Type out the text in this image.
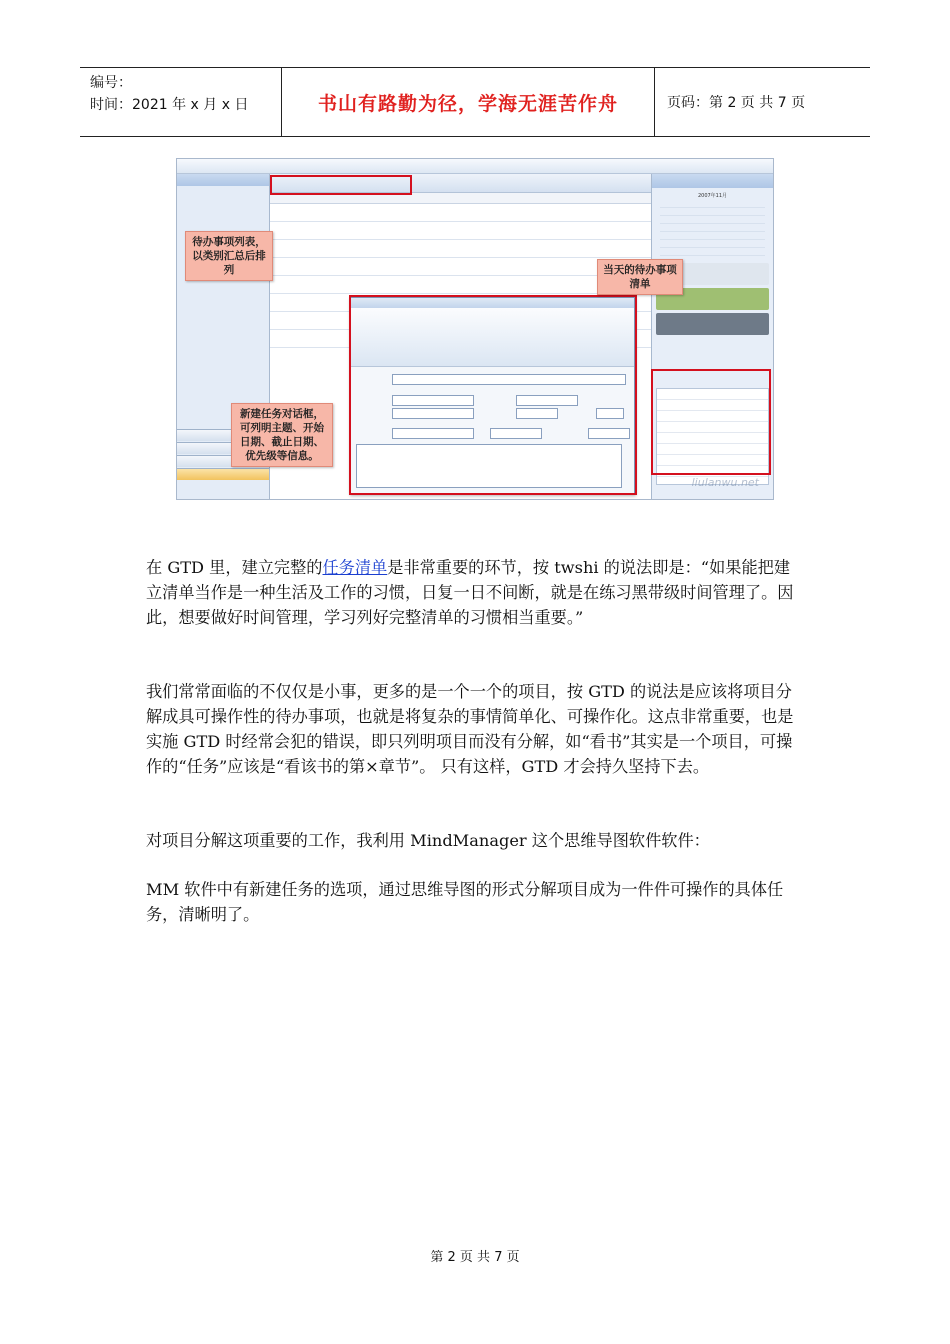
编号：
时间：2021 年 x 月 x 日	书山有路勤为径，学海无涯苦作舟	页码：第 2 页 共 7 页
2007年11月
待办事项列表，以类别汇总后排列	当天的待办事项清单
新建任务对话框，可列明主题、开始日期、截止日期、优先级等信息。
liulanwu.net

在 GTD 里，建立完整的任务清单是非常重要的环节，按 twshi 的说法即是：“如果能把建立清单当作是一种生活及工作的习惯，日复一日不间断，就是在练习黑带级时间管理了。因此，想要做好时间管理，学习列好完整清单的习惯相当重要。”

我们常常面临的不仅仅是小事，更多的是一个一个的项目，按 GTD 的说法是应该将项目分解成具可操作性的待办事项，也就是将复杂的事情简单化、可操作化。这点非常重要，也是实施 GTD 时经常会犯的错误，即只列明项目而没有分解，如“看书”其实是一个项目，可操作的“任务”应该是“看该书的第×章节”。 只有这样，GTD 才会持久坚持下去。

对项目分解这项重要的工作，我利用 MindManager 这个思维导图软件软件：

MM 软件中有新建任务的选项，通过思维导图的形式分解项目成为一件件可操作的具体任务，清晰明了。

第 2 页 共 7 页
